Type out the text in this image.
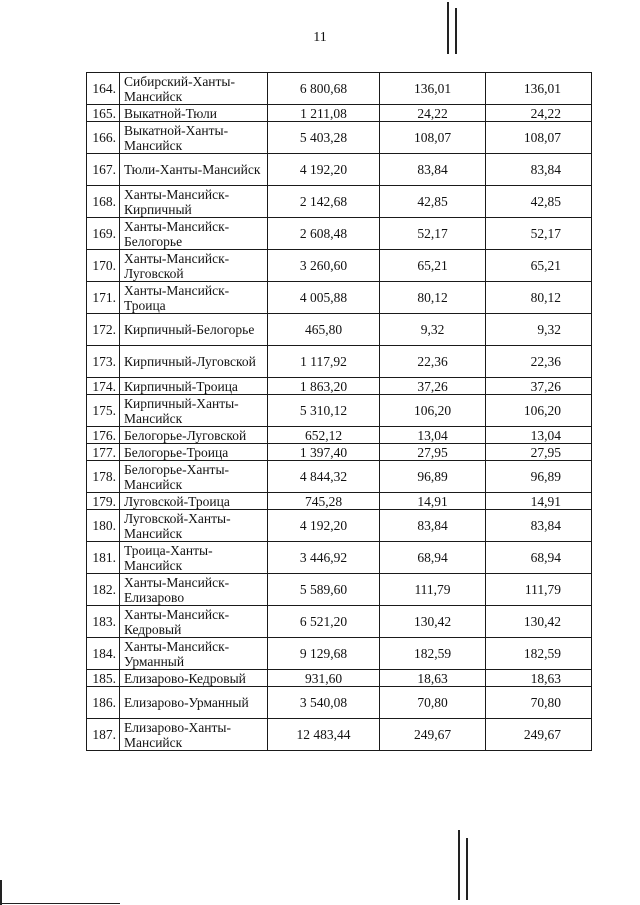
11
164.	Сибирский-Ханты-Мансийск	6 800,68	136,01	136,01
165.	Выкатной-Тюли	1 211,08	24,22	24,22
166.	Выкатной-Ханты-Мансийск	5 403,28	108,07	108,07
167.	Тюли-Ханты-Мансийск	4 192,20	83,84	83,84
168.	Ханты-Мансийск-Кирпичный	2 142,68	42,85	42,85
169.	Ханты-Мансийск-Белогорье	2 608,48	52,17	52,17
170.	Ханты-Мансийск-Луговской	3 260,60	65,21	65,21
171.	Ханты-Мансийск-Троица	4 005,88	80,12	80,12
172.	Кирпичный-Белогорье	465,80	9,32	9,32
173.	Кирпичный-Луговской	1 117,92	22,36	22,36
174.	Кирпичный-Троица	1 863,20	37,26	37,26
175.	Кирпичный-Ханты-Мансийск	5 310,12	106,20	106,20
176.	Белогорье-Луговской	652,12	13,04	13,04
177.	Белогорье-Троица	1 397,40	27,95	27,95
178.	Белогорье-Ханты-Мансийск	4 844,32	96,89	96,89
179.	Луговской-Троица	745,28	14,91	14,91
180.	Луговской-Ханты-Мансийск	4 192,20	83,84	83,84
181.	Троица-Ханты-Мансийск	3 446,92	68,94	68,94
182.	Ханты-Мансийск-Елизарово	5 589,60	111,79	111,79
183.	Ханты-Мансийск-Кедровый	6 521,20	130,42	130,42
184.	Ханты-Мансийск-Урманный	9 129,68	182,59	182,59
185.	Елизарово-Кедровый	931,60	18,63	18,63
186.	Елизарово-Урманный	3 540,08	70,80	70,80
187.	Елизарово-Ханты-Мансийск	12 483,44	249,67	249,67
